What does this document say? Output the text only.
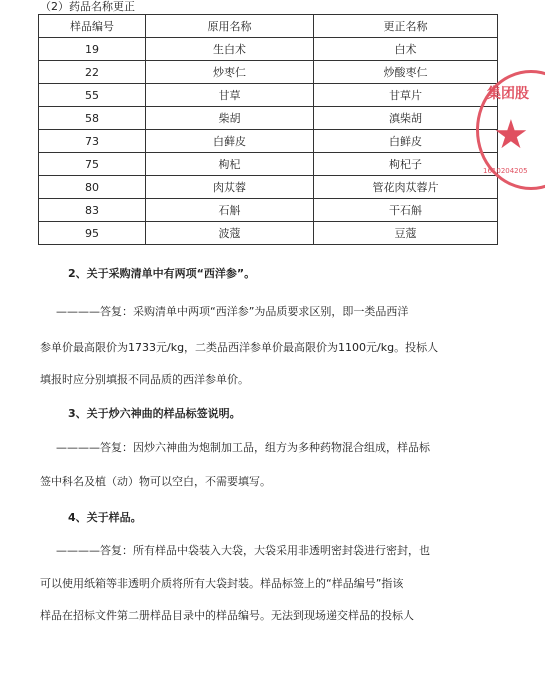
（2）药品名称更正
样品编号	原用名称	更正名称
19	生白术	白术
22	炒枣仁	炒酸枣仁
55	甘草	甘草片
58	柴胡	滇柴胡
73	白藓皮	白鲜皮
75	枸杞	枸杞子
80	肉苁蓉	管花肉苁蓉片
83	石斛	干石斛
95	波蔻	豆蔻
集团股
★
1610204205
2、关于采购清单中有两项“西洋参”。
————答复：采购清单中两项“西洋参”为品质要求区别，即一类品西洋
参单价最高限价为1733元/kg，二类品西洋参单价最高限价为1100元/kg。投标人
填报时应分别填报不同品质的西洋参单价。
3、关于炒六神曲的样品标签说明。
————答复：因炒六神曲为炮制加工品，组方为多种药物混合组成，样品标
签中科名及植（动）物可以空白，不需要填写。
4、关于样品。
————答复：所有样品中袋装入大袋，大袋采用非透明密封袋进行密封，也
可以使用纸箱等非透明介质将所有大袋封装。样品标签上的“样品编号”指该
样品在招标文件第二册样品目录中的样品编号。无法到现场递交样品的投标人
